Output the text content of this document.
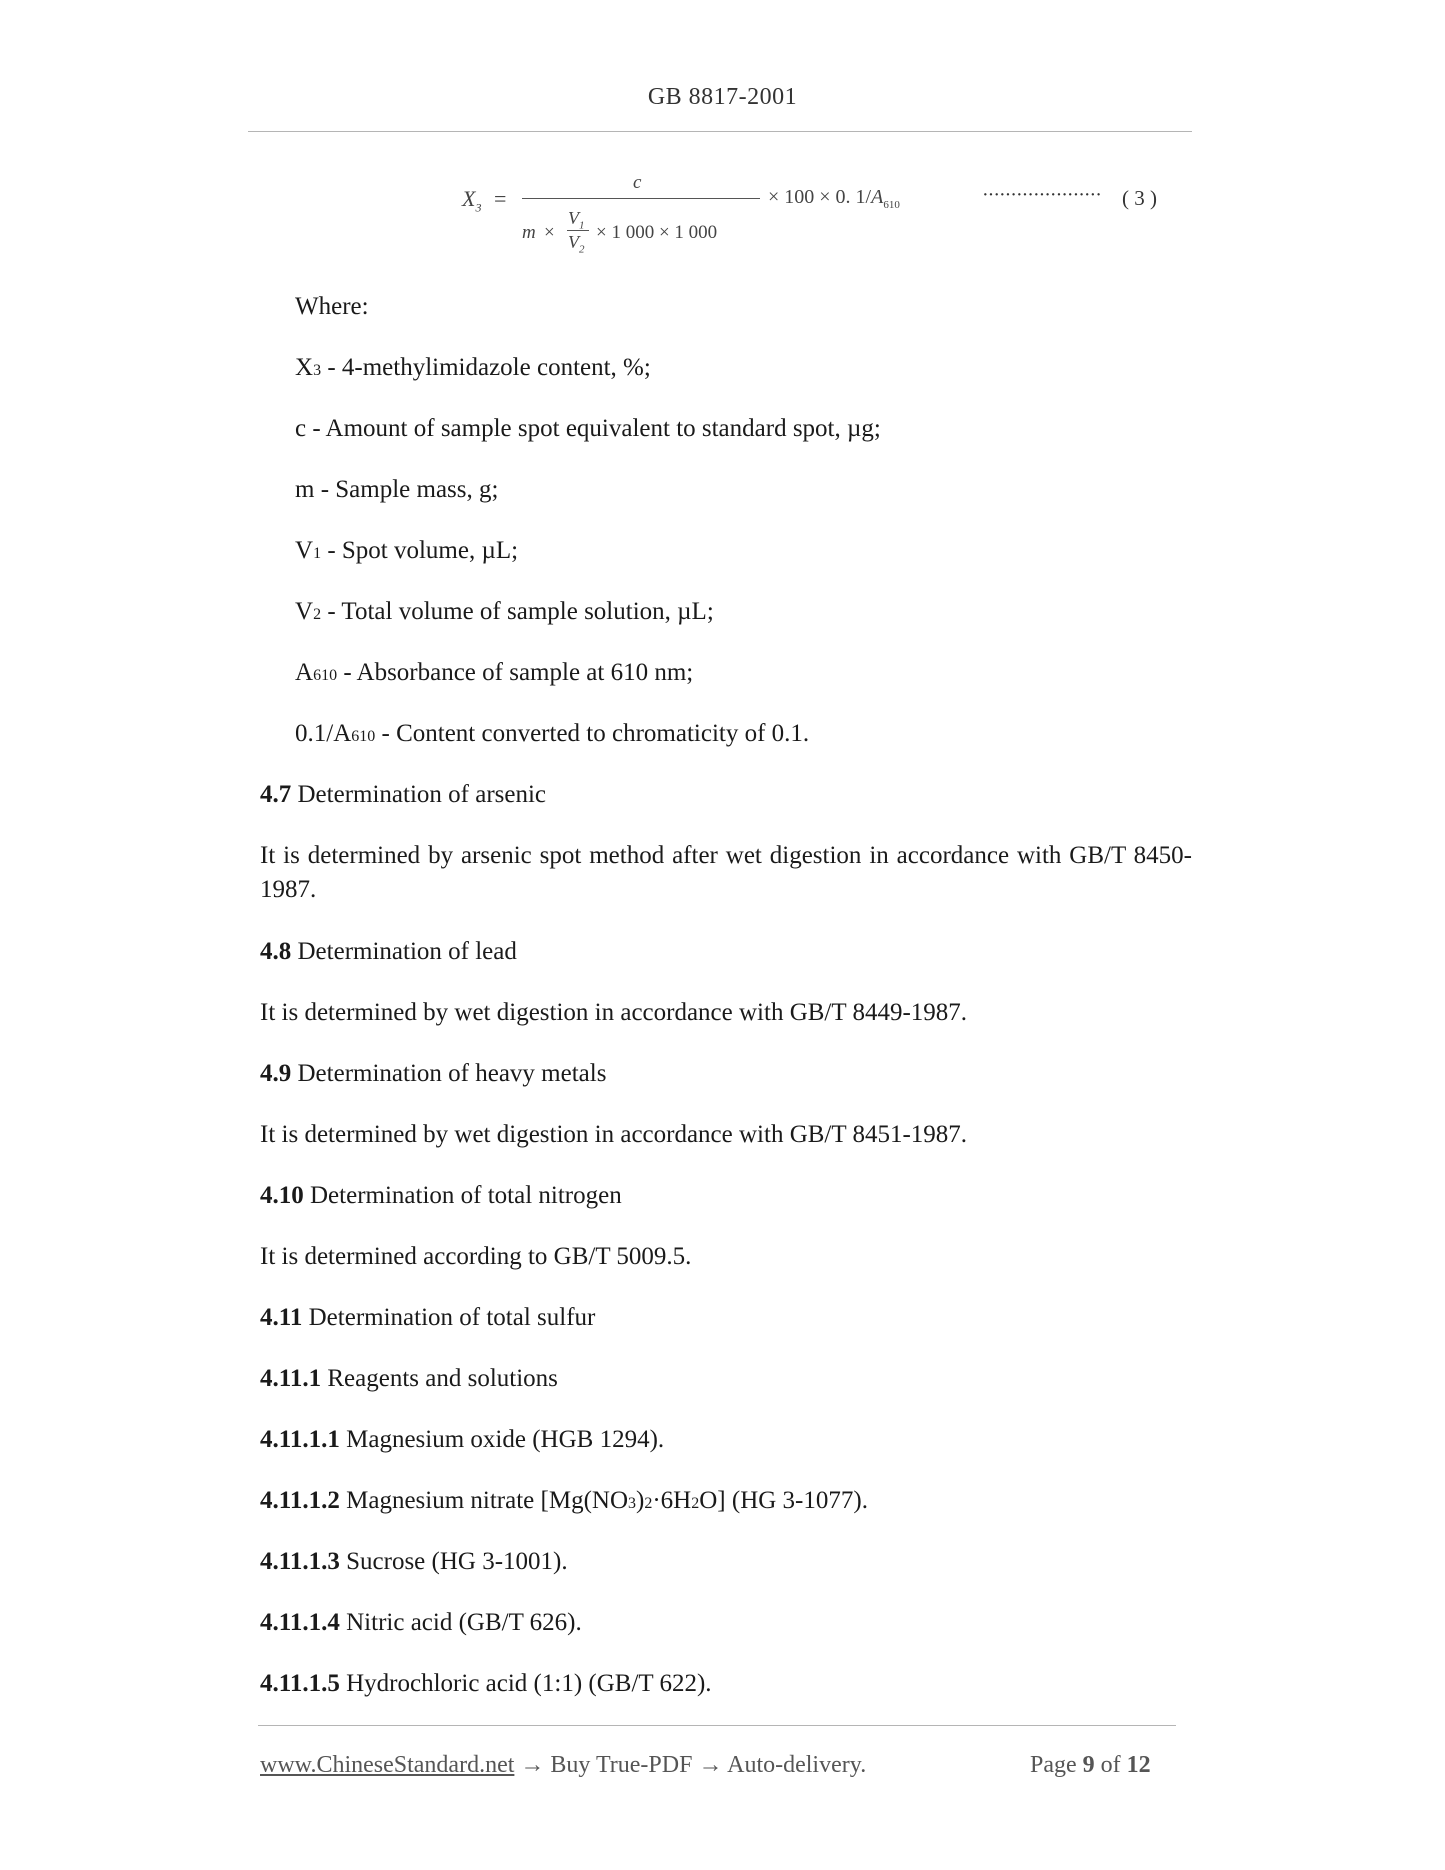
GB 8817-2001
$X_3$ =
c
m ×
$V_1$
$V_2$
× 1 000 × 1 000
× 100 × 0. $1/A_{610}$	····················· ( 3 )
Where:
X3 - 4-methylimidazole content, %;
c - Amount of sample spot equivalent to standard spot, µg;
m - Sample mass, g;
V1 - Spot volume, µL;
V2 - Total volume of sample solution, µL;
A610 - Absorbance of sample at 610 nm;
0.1/A610 - Content converted to chromaticity of 0.1.
4.7 Determination of arsenic
It is determined by arsenic spot method after wet digestion in accordance with GB/T 8450-1987.
4.8 Determination of lead
It is determined by wet digestion in accordance with GB/T 8449-1987.
4.9 Determination of heavy metals
It is determined by wet digestion in accordance with GB/T 8451-1987.
4.10 Determination of total nitrogen
It is determined according to GB/T 5009.5.
4.11 Determination of total sulfur
4.11.1 Reagents and solutions
4.11.1.1 Magnesium oxide (HGB 1294).
4.11.1.2 Magnesium nitrate [Mg(NO3)2·6H2O] (HG 3-1077).
4.11.1.3 Sucrose (HG 3-1001).
4.11.1.4 Nitric acid (GB/T 626).
4.11.1.5 Hydrochloric acid (1:1) (GB/T 622).
www.ChineseStandard.net → Buy True-PDF → Auto-delivery.	Page 9 of 12
